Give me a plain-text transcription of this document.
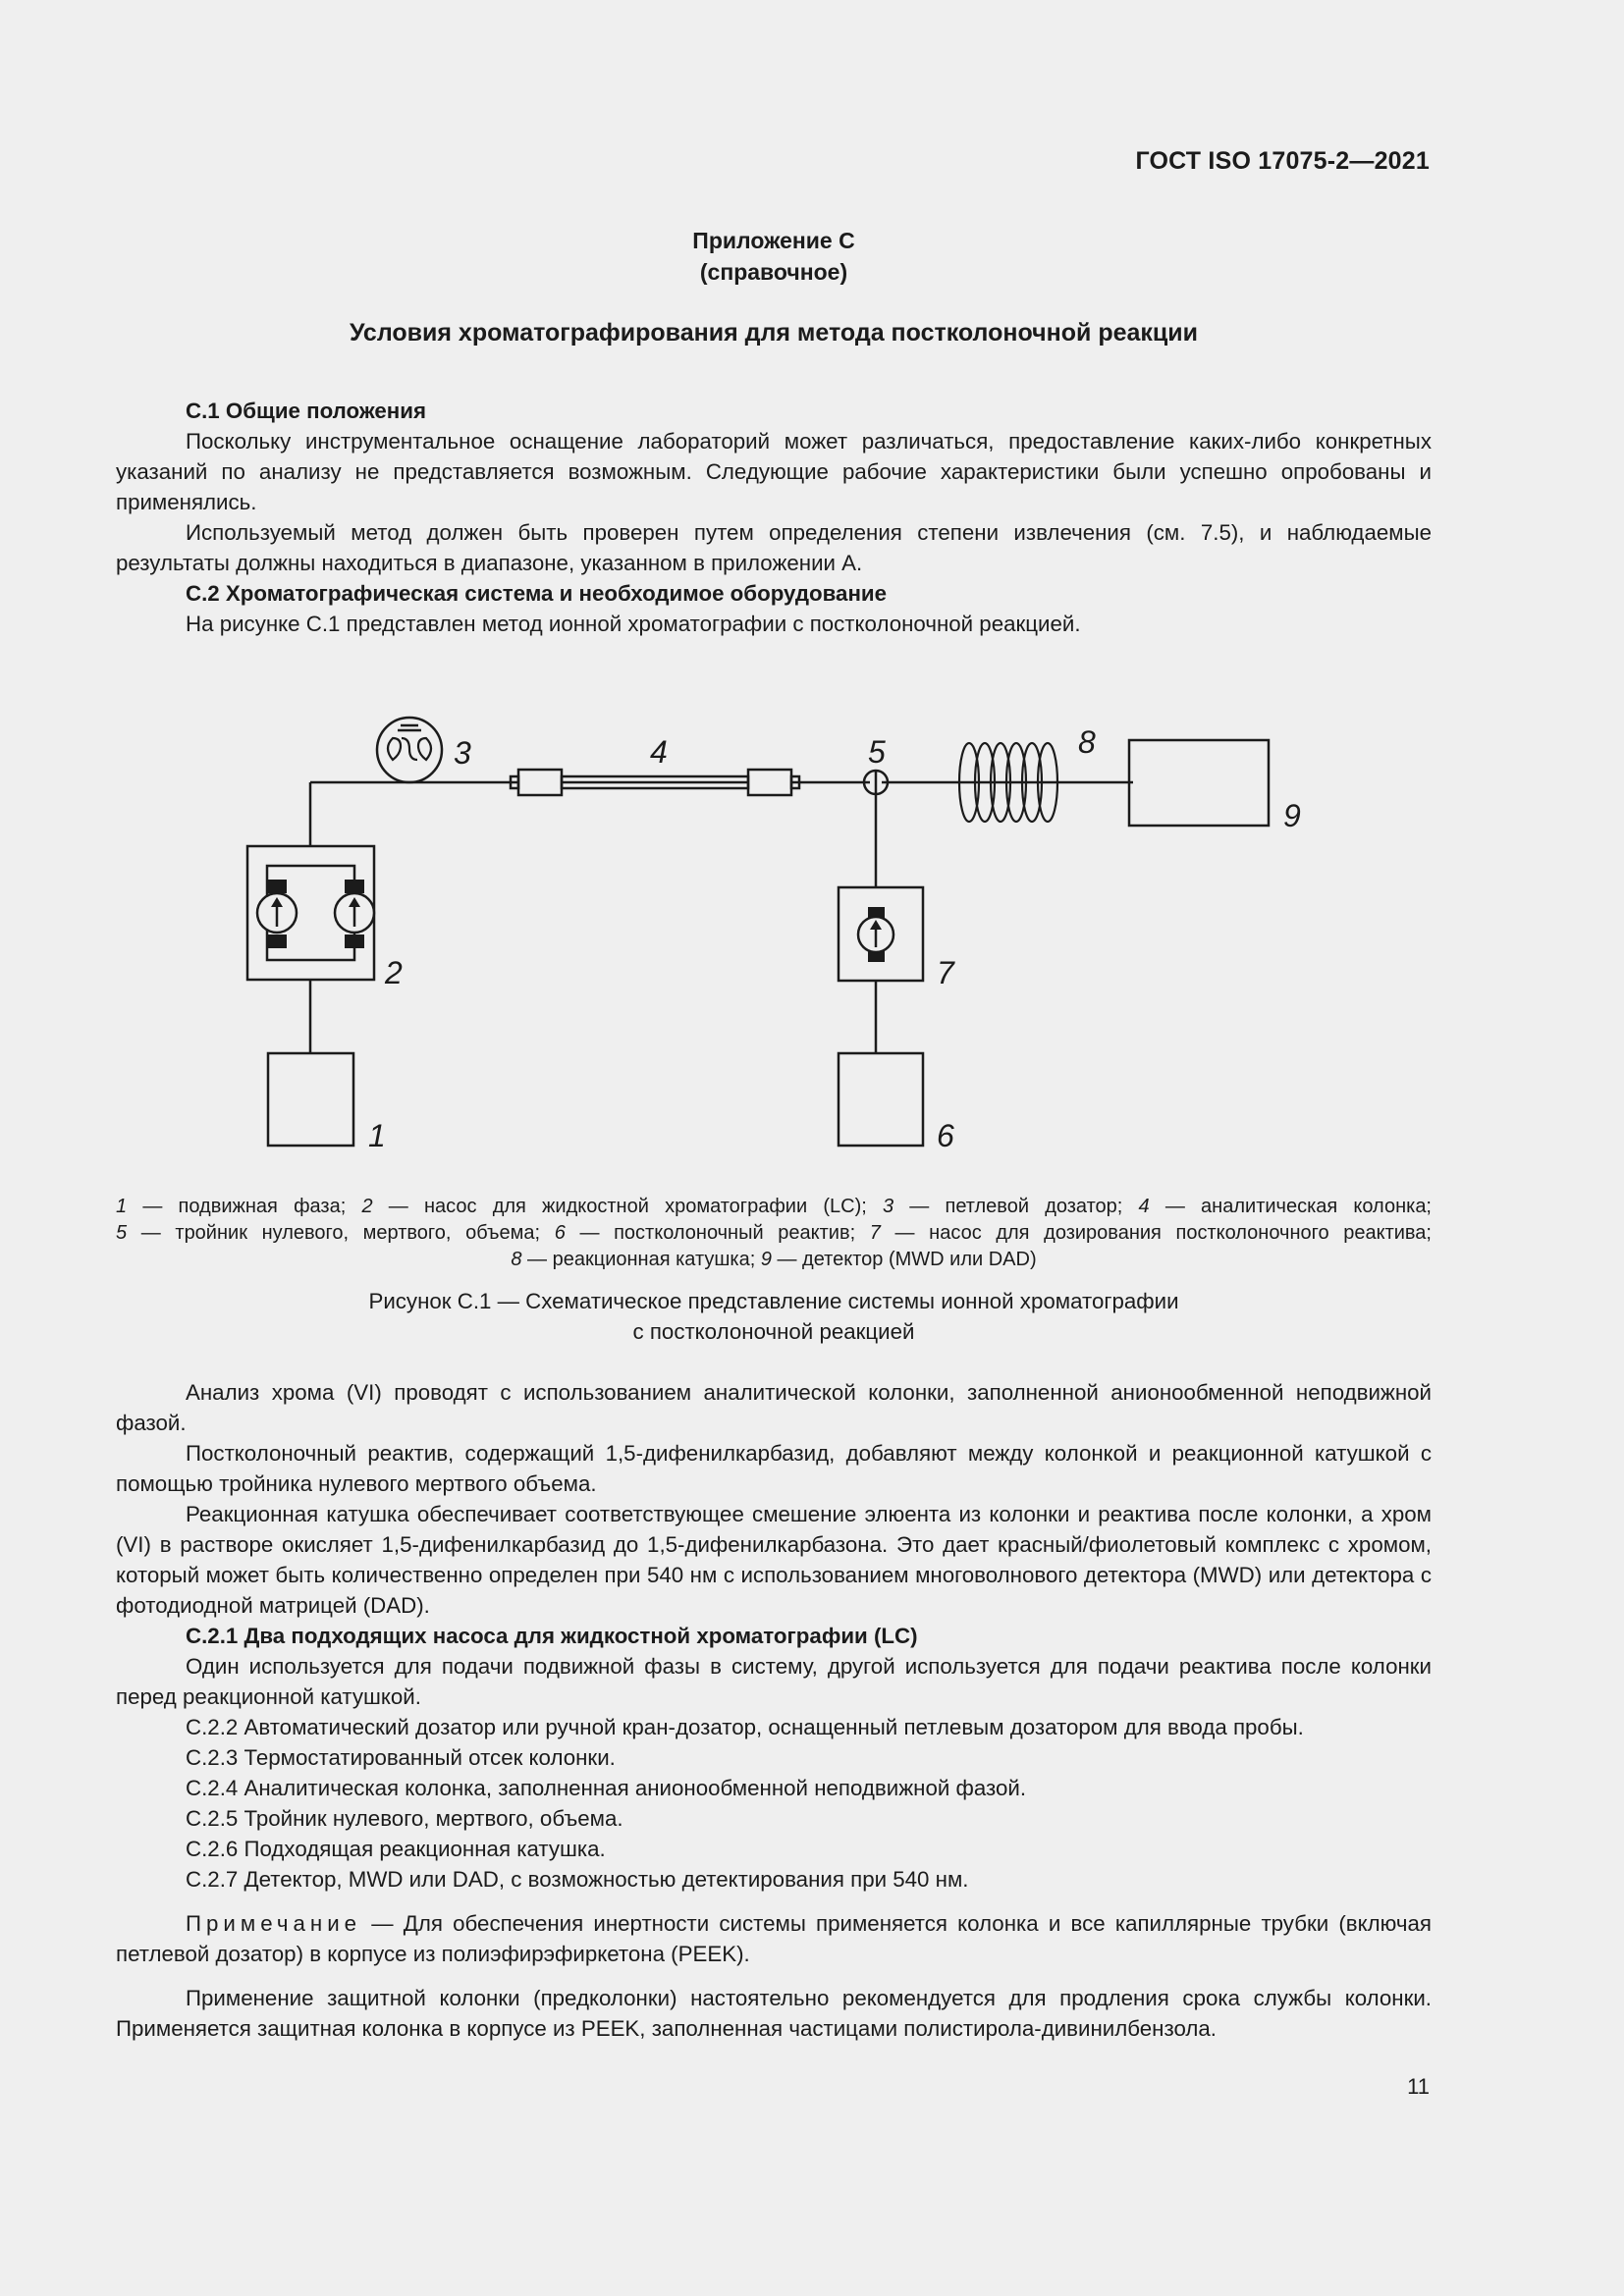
ГОСТ ISO 17075-2—2021
Приложение С
(справочное)
Условия хроматографирования для метода постколоночной реакции
С.1 Общие положения

Поскольку инструментальное оснащение лабораторий может различаться, предоставление каких-либо конкретных указаний по анализу не представляется возможным. Следующие рабочие характеристики были успешно опробованы и применялись.

Используемый метод должен быть проверен путем определения степени извлечения (см. 7.5), и наблюдаемые результаты должны находиться в диапазоне, указанном в приложении А.

С.2 Хроматографическая система и необходимое оборудование

На рисунке С.1 представлен метод ионной хроматографии с постколоночной реакцией.

3	4	5	8
9
2	7
1	6
1 — подвижная фаза; 2 — насос для жидкостной хроматографии (LC); 3 — петлевой дозатор; 4 — аналитическая колонка;
5 — тройник нулевого, мертвого, объема; 6 — постколоночный реактив; 7 — насос для дозирования постколоночного реактива;
8 — реакционная катушка; 9 — детектор (MWD или DAD)
Рисунок С.1 — Схематическое представление системы ионной хроматографии
с постколоночной реакцией

Анализ хрома (VI) проводят с использованием аналитической колонки, заполненной анионообменной неподвижной фазой.

Постколоночный реактив, содержащий 1,5-дифенилкарбазид, добавляют между колонкой и реакционной катушкой с помощью тройника нулевого мертвого объема.

Реакционная катушка обеспечивает соответствующее смешение элюента из колонки и реактива после колонки, а хром (VI) в растворе окисляет 1,5-дифенилкарбазид до 1,5-дифенилкарбазона. Это дает красный/фиолетовый комплекс с хромом, который может быть количественно определен при 540 нм с использованием многоволнового детектора (MWD) или детектора с фотодиодной матрицей (DAD).

С.2.1 Два подходящих насоса для жидкостной хроматографии (LC)

Один используется для подачи подвижной фазы в систему, другой используется для подачи реактива после колонки перед реакционной катушкой.

С.2.2 Автоматический дозатор или ручной кран-дозатор, оснащенный петлевым дозатором для ввода пробы.
С.2.3 Термостатированный отсек колонки.
С.2.4 Аналитическая колонка, заполненная анионообменной неподвижной фазой.
С.2.5 Тройник нулевого, мертвого, объема.
С.2.6 Подходящая реакционная катушка.
С.2.7 Детектор, MWD или DAD, с возможностью детектирования при 540 нм.

Примечание — Для обеспечения инертности системы применяется колонка и все капиллярные трубки (включая петлевой дозатор) в корпусе из полиэфирэфиркетона (PEEK).

Применение защитной колонки (предколонки) настоятельно рекомендуется для продления срока службы колонки. Применяется защитная колонка в корпусе из PEEK, заполненная частицами полистирола-дивинилбензола.

11
